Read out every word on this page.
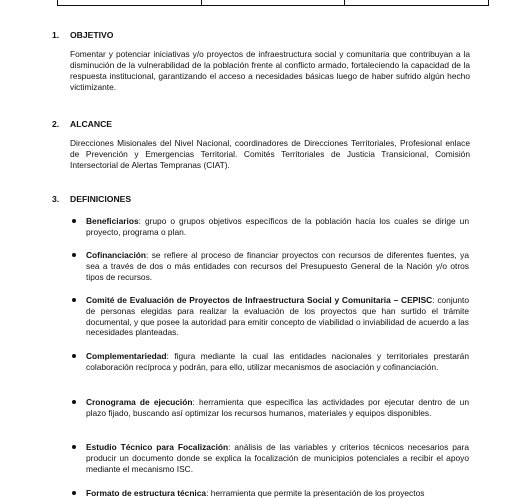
1.	OBJETIVO
Fomentar y potenciar iniciativas y/o proyectos de infraestructura social y comunitaria que contribuyan a la disminución de la vulnerabilidad de la población frente al conflicto armado, fortaleciendo la capacidad de la respuesta institucional, garantizando el acceso a necesidades básicas luego de haber sufrido algún hecho victimizante.
2.	ALCANCE
Direcciones Misionales del Nivel Nacional, coordinadores de Direcciones Territoriales, Profesional enlace de Prevención y Emergencias Territorial. Comités Territoriales de Justicia Transicional, Comisión Intersectorial de Alertas Tempranas (CIAT).
3.	DEFINICIONES
Beneficiarios: grupo o grupos objetivos específicos de la población hacia los cuales se dirige un proyecto, programa o plan.
Cofinanciación: se refiere al proceso de financiar proyectos con recursos de diferentes fuentes, ya sea a través de dos o más entidades con recursos del Presupuesto General de la Nación y/o otros tipos de recursos.
Comité de Evaluación de Proyectos de Infraestructura Social y Comunitaria – CEPISC: conjunto de personas elegidas para realizar la evaluación de los proyectos que han surtido el trámite documental, y que posee la autoridad para emitir concepto de viabilidad o inviabilidad de acuerdo a las necesidades planteadas.
Complementariedad: figura mediante la cual las entidades nacionales y territoriales prestarán colaboración recíproca y podrán, para ello, utilizar mecanismos de asociación y cofinanciación.
Cronograma de ejecución: herramienta que especifica las actividades por ejecutar dentro de un plazo fijado, buscando así optimizar los recursos humanos, materiales y equipos disponibles.
Estudio Técnico para Focalización: análisis de las variables y criterios técnicos necesarios para producir un documento donde se explica la focalización de municipios potenciales a recibir el apoyo mediante el mecanismo ISC.
Formato de estructura técnica: herramienta que permite la presentación de los proyectos
